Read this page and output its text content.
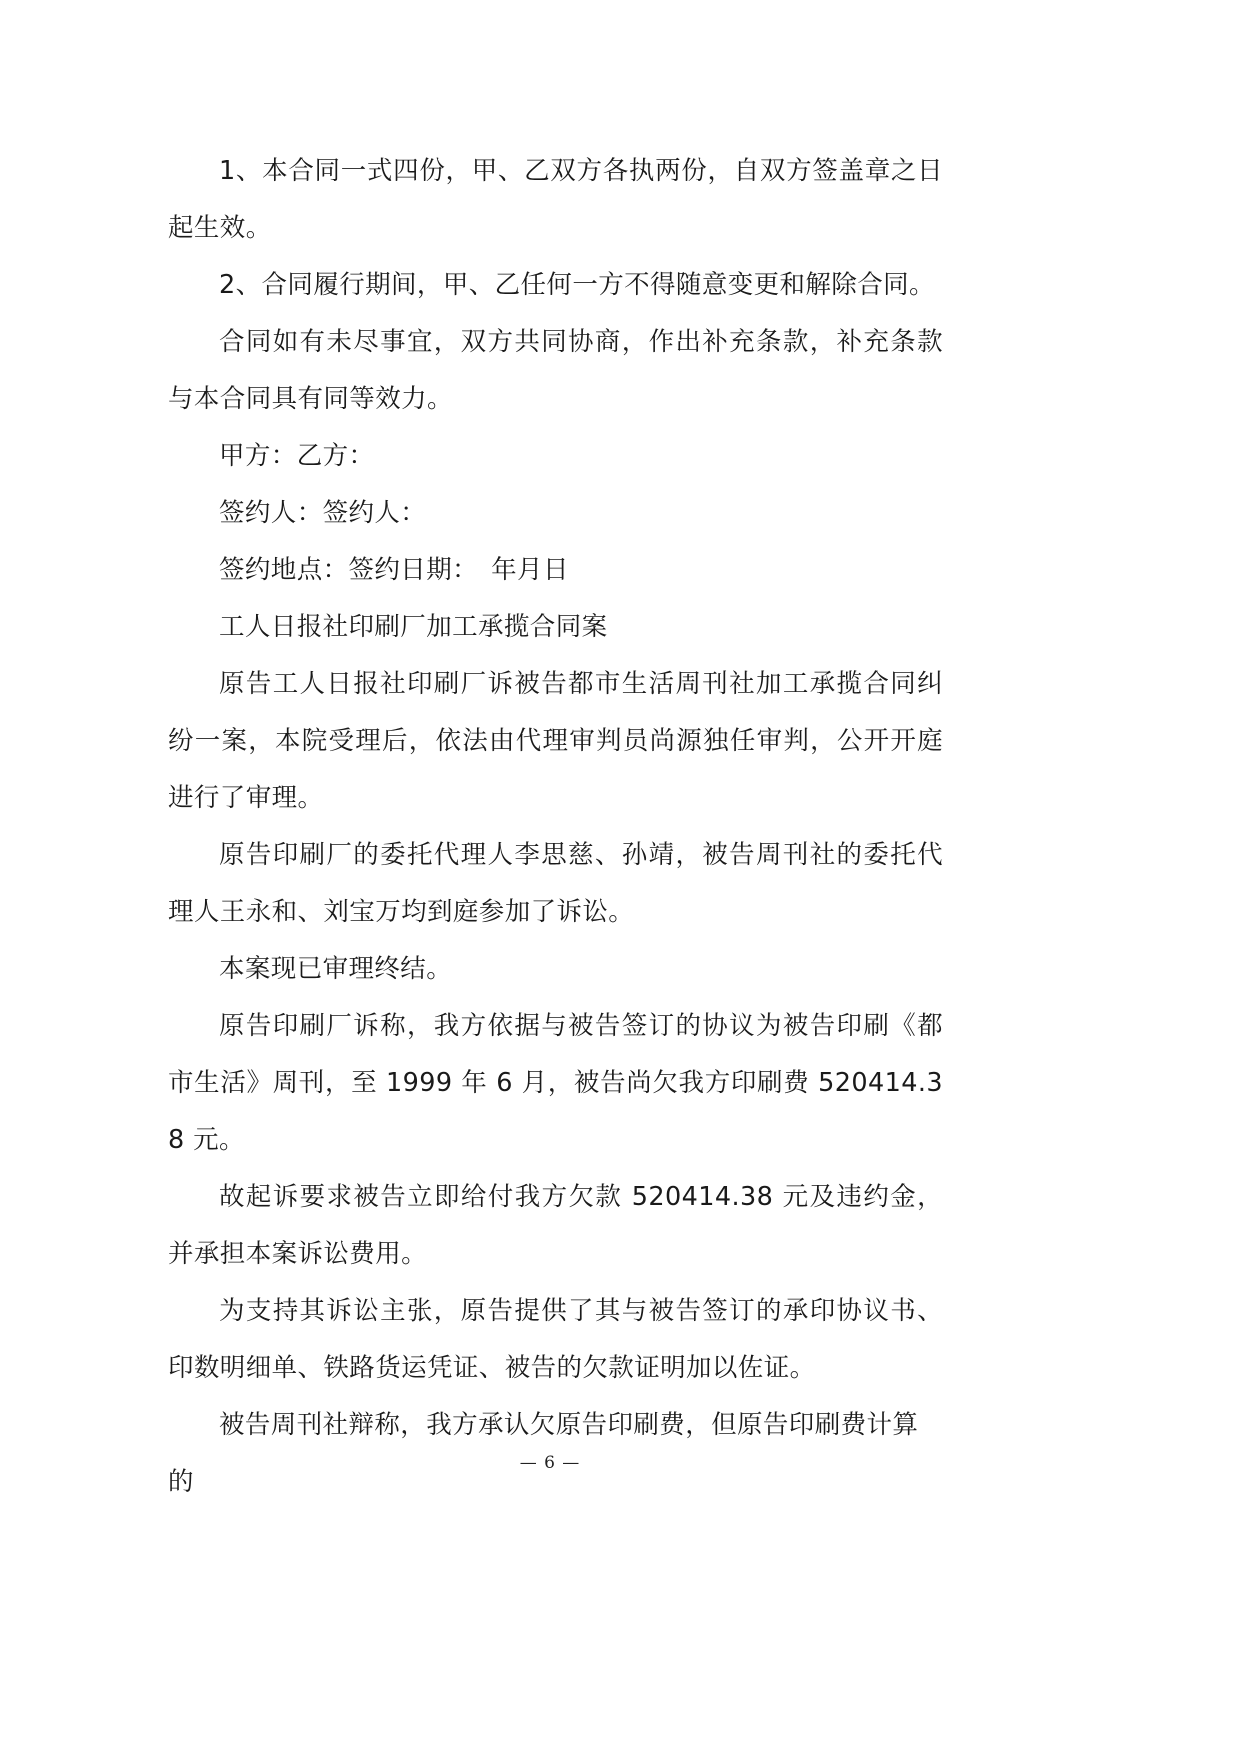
1、本合同一式四份，甲、乙双方各执两份，自双方签盖章之日起生效。

2、合同履行期间，甲、乙任何一方不得随意变更和解除合同。

合同如有未尽事宜，双方共同协商，作出补充条款，补充条款与本合同具有同等效力。

甲方：乙方：

签约人：签约人：

签约地点：签约日期：　年月日

工人日报社印刷厂加工承揽合同案

原告工人日报社印刷厂诉被告都市生活周刊社加工承揽合同纠纷一案，本院受理后，依法由代理审判员尚源独任审判，公开开庭进行了审理。

原告印刷厂的委托代理人李思慈、孙靖，被告周刊社的委托代理人王永和、刘宝万均到庭参加了诉讼。

本案现已审理终结。

原告印刷厂诉称，我方依据与被告签订的协议为被告印刷《都市生活》周刊，至 1999 年 6 月，被告尚欠我方印刷费 520414.38 元。

故起诉要求被告立即给付我方欠款 520414.38 元及违约金，并承担本案诉讼费用。

为支持其诉讼主张，原告提供了其与被告签订的承印协议书、印数明细单、铁路货运凭证、被告的欠款证明加以佐证。

被告周刊社辩称，我方承认欠原告印刷费，但原告印刷费计算的

— 6 —
